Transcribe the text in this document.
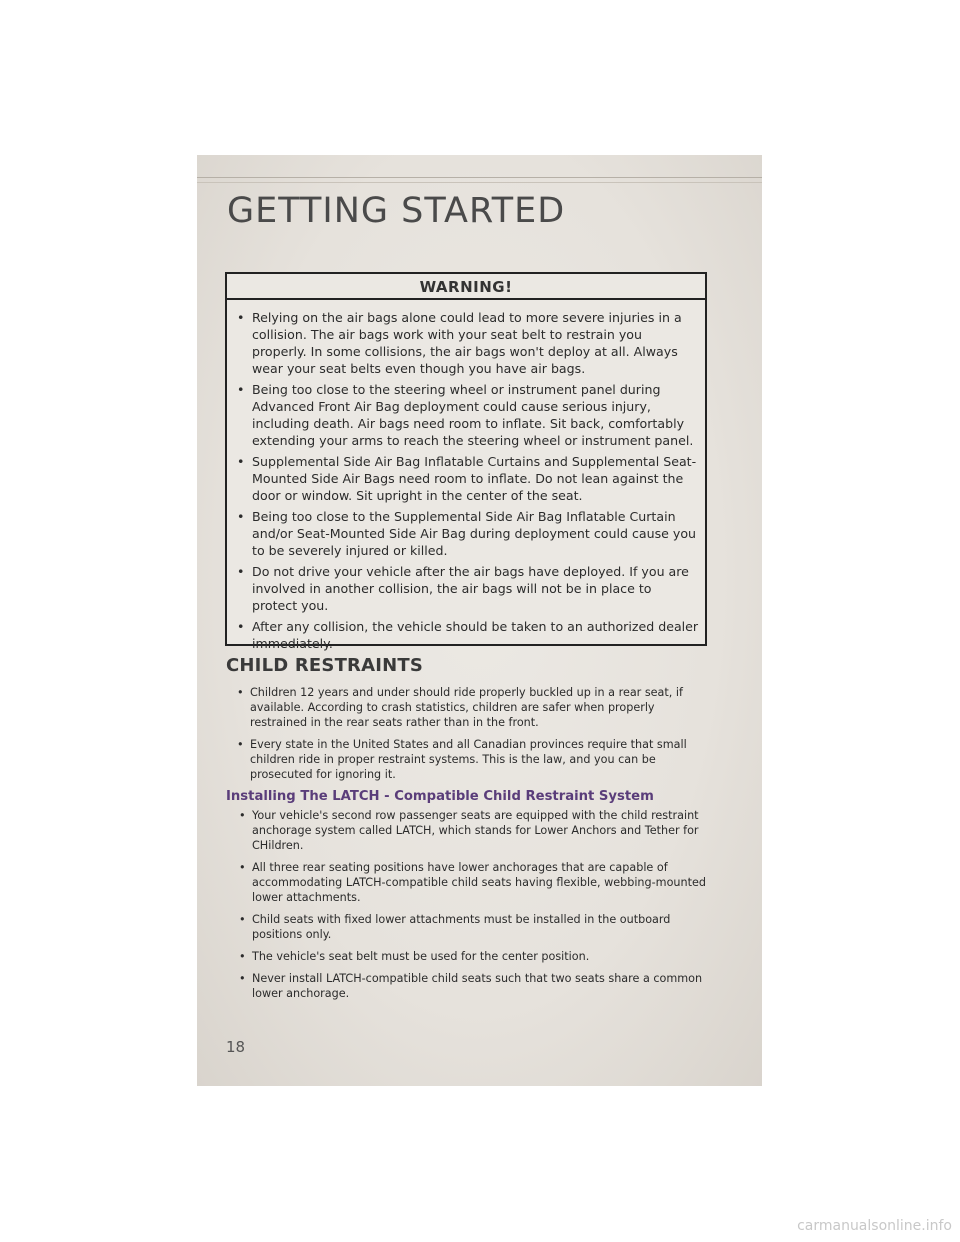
GETTING STARTED
WARNING!
• Relying on the air bags alone could lead to more severe injuries in a collision. The air bags work with your seat belt to restrain you properly. In some collisions, the air bags won't deploy at all. Always wear your seat belts even though you have air bags.
• Being too close to the steering wheel or instrument panel during Advanced Front Air Bag deployment could cause serious injury, including death. Air bags need room to inflate. Sit back, comfortably extending your arms to reach the steering wheel or instrument panel.
• Supplemental Side Air Bag Inflatable Curtains and Supplemental Seat-Mounted Side Air Bags need room to inflate. Do not lean against the door or window. Sit upright in the center of the seat.
• Being too close to the Supplemental Side Air Bag Inflatable Curtain and/or Seat-Mounted Side Air Bag during deployment could cause you to be severely injured or killed.
• Do not drive your vehicle after the air bags have deployed. If you are involved in another collision, the air bags will not be in place to protect you.
• After any collision, the vehicle should be taken to an authorized dealer immediately.
CHILD RESTRAINTS
• Children 12 years and under should ride properly buckled up in a rear seat, if available. According to crash statistics, children are safer when properly restrained in the rear seats rather than in the front.
• Every state in the United States and all Canadian provinces require that small children ride in proper restraint systems. This is the law, and you can be prosecuted for ignoring it.
Installing The LATCH - Compatible Child Restraint System
• Your vehicle's second row passenger seats are equipped with the child restraint anchorage system called LATCH, which stands for Lower Anchors and Tether for CHildren.
• All three rear seating positions have lower anchorages that are capable of accommodating LATCH-compatible child seats having flexible, webbing-mounted lower attachments.
• Child seats with fixed lower attachments must be installed in the outboard positions only.
• The vehicle's seat belt must be used for the center position.
• Never install LATCH-compatible child seats such that two seats share a common lower anchorage.
18
carmanualsonline.info
